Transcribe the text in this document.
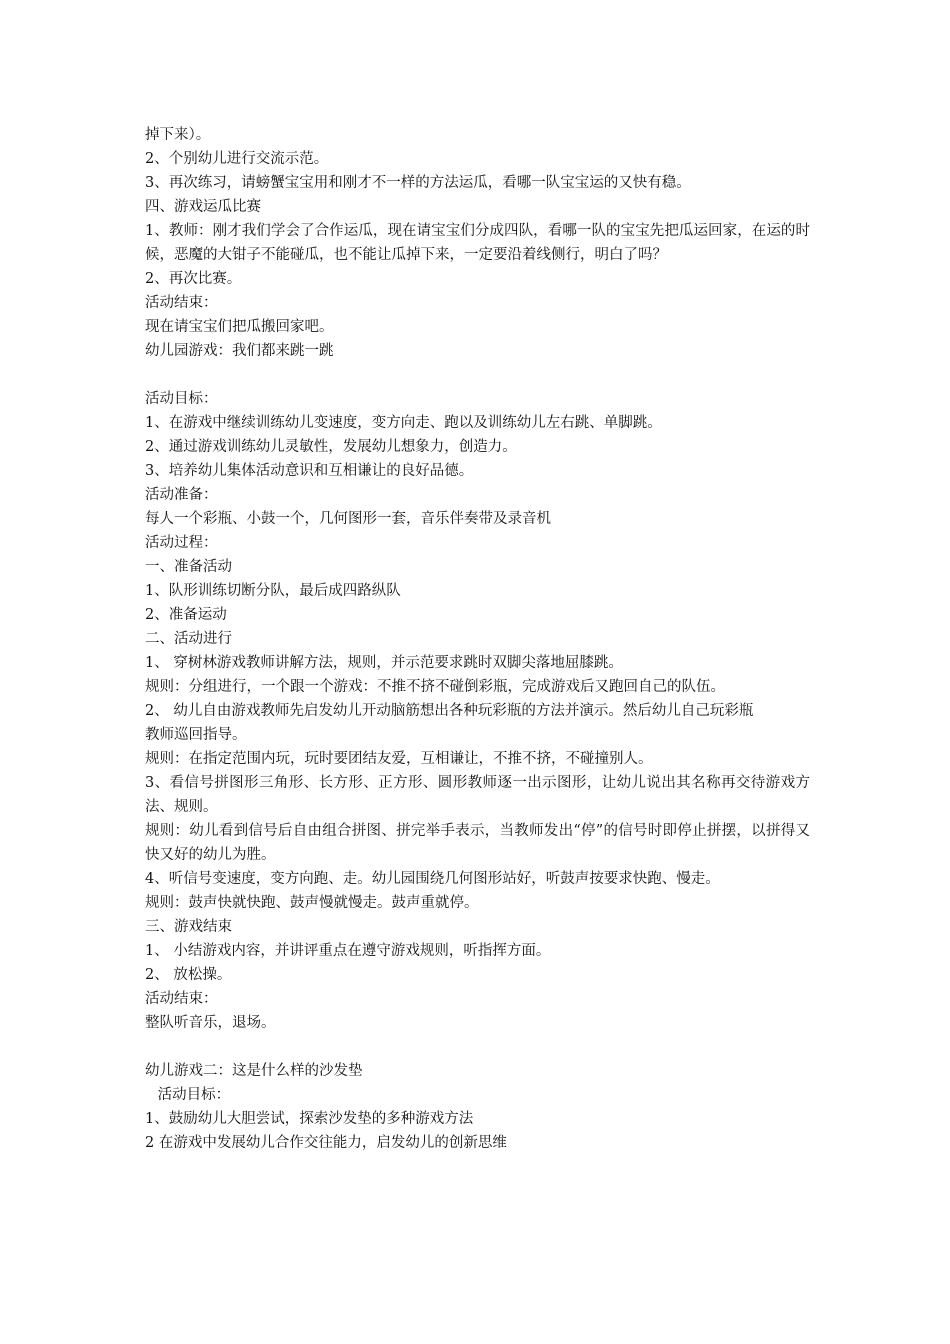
掉下来）。
2、个别幼儿进行交流示范。
3、再次练习，请螃蟹宝宝用和刚才不一样的方法运瓜，看哪一队宝宝运的又快有稳。
四、游戏运瓜比赛
1、教师：刚才我们学会了合作运瓜，现在请宝宝们分成四队，看哪一队的宝宝先把瓜运回家，在运的时候，恶魔的大钳子不能碰瓜，也不能让瓜掉下来，一定要沿着线侧行，明白了吗？
2、再次比赛。
活动结束：
现在请宝宝们把瓜搬回家吧。
幼儿园游戏：我们都来跳一跳
活动目标：
1、在游戏中继续训练幼儿变速度，变方向走、跑以及训练幼儿左右跳、单脚跳。
2、通过游戏训练幼儿灵敏性，发展幼儿想象力，创造力。
3、培养幼儿集体活动意识和互相谦让的良好品德。
活动准备：
每人一个彩瓶、小鼓一个，几何图形一套，音乐伴奏带及录音机
活动过程：
一、准备活动
1、队形训练切断分队，最后成四路纵队
2、准备运动
二、活动进行
1、 穿树林游戏教师讲解方法，规则，并示范要求跳时双脚尖落地屈膝跳。
规则：分组进行，一个跟一个游戏：不推不挤不碰倒彩瓶，完成游戏后又跑回自己的队伍。
2、 幼儿自由游戏教师先启发幼儿开动脑筋想出各种玩彩瓶的方法并演示。然后幼儿自己玩彩瓶
教师巡回指导。
规则：在指定范围内玩，玩时要团结友爱，互相谦让，不推不挤，不碰撞别人。
3、看信号拼图形三角形、长方形、正方形、圆形教师逐一出示图形，让幼儿说出其名称再交待游戏方法、规则。
规则：幼儿看到信号后自由组合拼图、拼完举手表示，当教师发出“停”的信号时即停止拼摆，以拼得又快又好的幼儿为胜。
4、听信号变速度，变方向跑、走。幼儿园围绕几何图形站好，听鼓声按要求快跑、慢走。
规则：鼓声快就快跑、鼓声慢就慢走。鼓声重就停。
三、游戏结束
1、 小结游戏内容，并讲评重点在遵守游戏规则，听指挥方面。
2、 放松操。
活动结束：
整队听音乐，退场。
幼儿游戏二：这是什么样的沙发垫
活动目标：
1、鼓励幼儿大胆尝试，探索沙发垫的多种游戏方法
2 在游戏中发展幼儿合作交往能力，启发幼儿的创新思维
